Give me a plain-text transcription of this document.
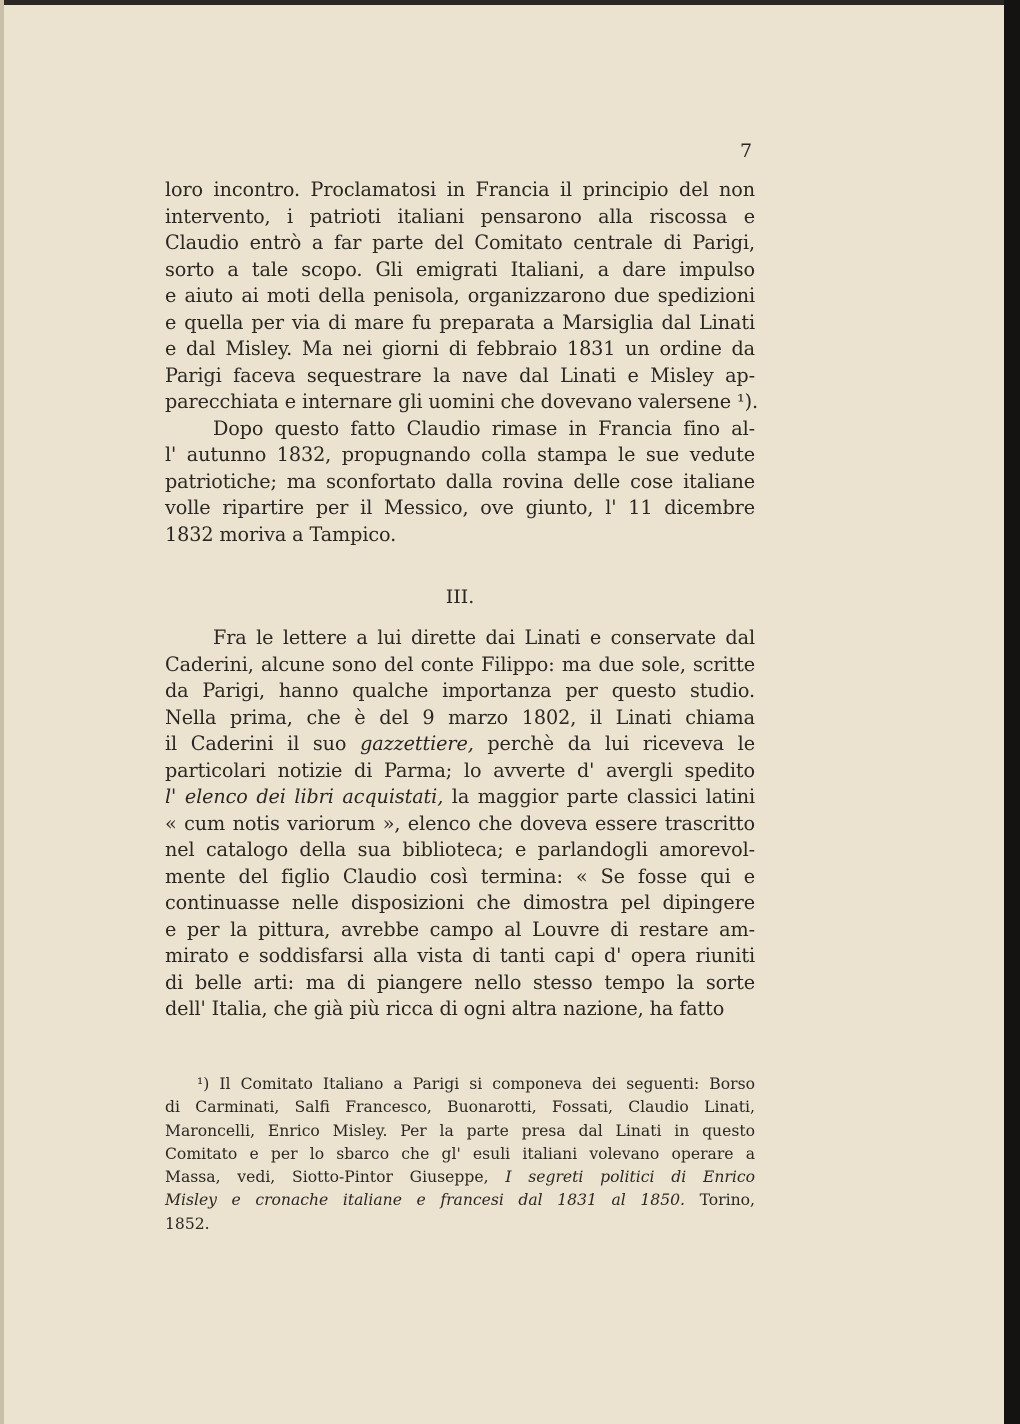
7
loro incontro. Proclamatosi in Francia il principio del non
intervento, i patrioti italiani pensarono alla riscossa e
Claudio entrò a far parte del Comitato centrale di Parigi,
sorto a tale scopo. Gli emigrati Italiani, a dare impulso
e aiuto ai moti della penisola, organizzarono due spedizioni
e quella per via di mare fu preparata a Marsiglia dal Linati
e dal Misley. Ma nei giorni di febbraio 1831 un ordine da
Parigi faceva sequestrare la nave dal Linati e Misley ap-
parecchiata e internare gli uomini che dovevano valersene ¹).
Dopo questo fatto Claudio rimase in Francia fino al-
l' autunno 1832, propugnando colla stampa le sue vedute
patriotiche; ma sconfortato dalla rovina delle cose italiane
volle ripartire per il Messico, ove giunto, l' 11 dicembre
1832 moriva a Tampico.
III.
Fra le lettere a lui dirette dai Linati e conservate dal
Caderini, alcune sono del conte Filippo: ma due sole, scritte
da Parigi, hanno qualche importanza per questo studio.
Nella prima, che è del 9 marzo 1802, il Linati chiama
il Caderini il suo gazzettiere, perchè da lui riceveva le
particolari notizie di Parma; lo avverte d' avergli spedito
l' elenco dei libri acquistati, la maggior parte classici latini
« cum notis variorum », elenco che doveva essere trascritto
nel catalogo della sua biblioteca; e parlandogli amorevol-
mente del figlio Claudio così termina: « Se fosse qui e
continuasse nelle disposizioni che dimostra pel dipingere
e per la pittura, avrebbe campo al Louvre di restare am-
mirato e soddisfarsi alla vista di tanti capi d' opera riuniti
di belle arti: ma di piangere nello stesso tempo la sorte
dell' Italia, che già più ricca di ogni altra nazione, ha fatto
¹) Il Comitato Italiano a Parigi si componeva dei seguenti: Borso
di Carminati, Salfi Francesco, Buonarotti, Fossati, Claudio Linati,
Maroncelli, Enrico Misley. Per la parte presa dal Linati in questo
Comitato e per lo sbarco che gl' esuli italiani volevano operare a
Massa, vedi, Siotto-Pintor Giuseppe, I segreti politici di Enrico
Misley e cronache italiane e francesi dal 1831 al 1850. Torino,
1852.
